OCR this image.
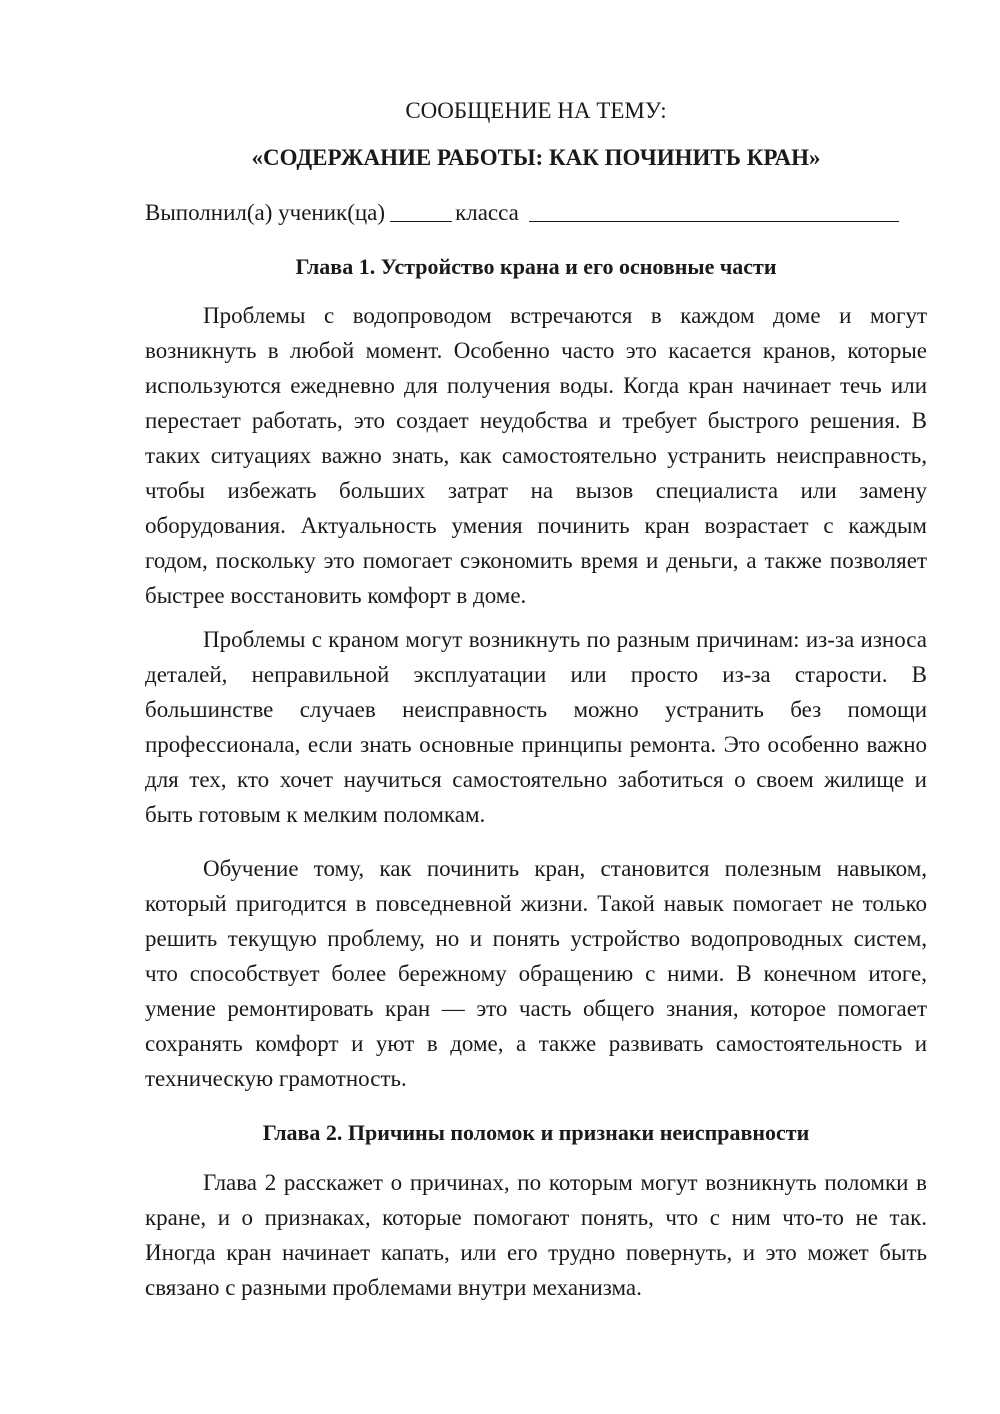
СООБЩЕНИЕ НА ТЕМУ:
«СОДЕРЖАНИЕ РАБОТЫ: КАК ПОЧИНИТЬ КРАН»
Выполнил(а) ученик(ца)	класса
Глава 1. Устройство крана и его основные части

Проблемы с водопроводом встречаются в каждом доме и могут возникнуть в любой момент. Особенно часто это касается кранов, которые используются ежедневно для получения воды. Когда кран начинает течь или перестает работать, это создает неудобства и требует быстрого решения. В таких ситуациях важно знать, как самостоятельно устранить неисправность, чтобы избежать больших затрат на вызов специалиста или замену оборудования. Актуальность умения починить кран возрастает с каждым годом, поскольку это помогает сэкономить время и деньги, а также позволяет быстрее восстановить комфорт в доме.

Проблемы с краном могут возникнуть по разным причинам: из-за износа деталей, неправильной эксплуатации или просто из-за старости. В большинстве случаев неисправность можно устранить без помощи профессионала, если знать основные принципы ремонта. Это особенно важно для тех, кто хочет научиться самостоятельно заботиться о своем жилище и быть готовым к мелким поломкам.

Обучение тому, как починить кран, становится полезным навыком, который пригодится в повседневной жизни. Такой навык помогает не только решить текущую проблему, но и понять устройство водопроводных систем, что способствует более бережному обращению с ними. В конечном итоге, умение ремонтировать кран — это часть общего знания, которое помогает сохранять комфорт и уют в доме, а также развивать самостоятельность и техническую грамотность.

Глава 2. Причины поломок и признаки неисправности

Глава 2 расскажет о причинах, по которым могут возникнуть поломки в кране, и о признаках, которые помогают понять, что с ним что-то не так. Иногда кран начинает капать, или его трудно повернуть, и это может быть связано с разными проблемами внутри механизма.
